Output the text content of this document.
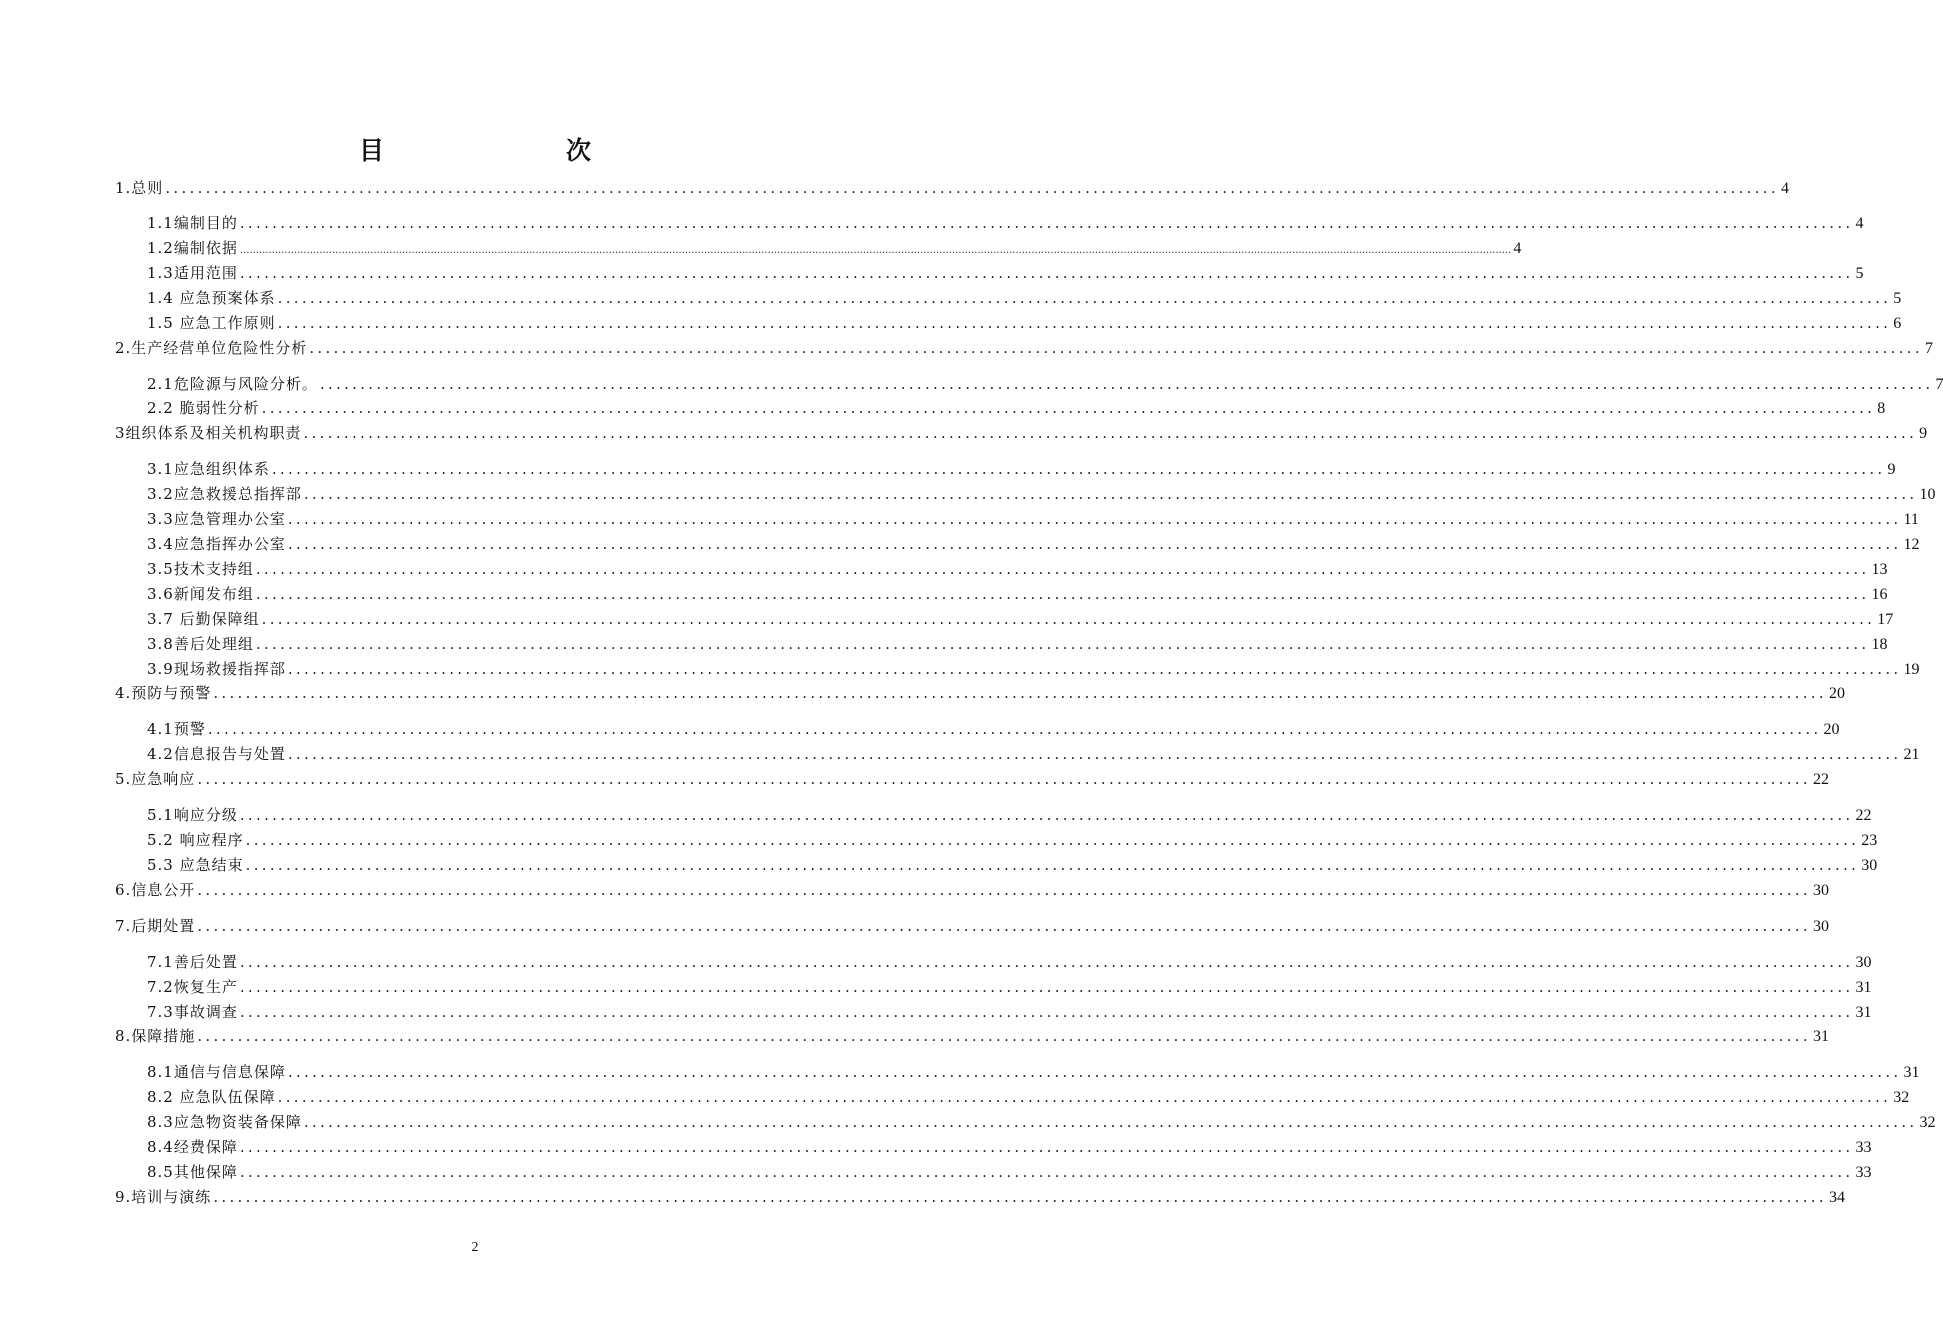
目　　次
1.总则 ........................................................................................................................................................................................................ 4
1.1编制目的 ........................................................................................................................................................................................................ 4
1.2编制依据 ................................................................................................................................................................................................................................................................................................................................................................................................................ 4
1.3适用范围 ........................................................................................................................................................................................................ 5
1.4 应急预案体系 ........................................................................................................................................................................................................ 5
1.5 应急工作原则 ........................................................................................................................................................................................................ 6
2.生产经营单位危险性分析 ........................................................................................................................................................................................................ 7
2.1危险源与风险分析。 ........................................................................................................................................................................................................ 7
2.2 脆弱性分析 ........................................................................................................................................................................................................ 8
3组织体系及相关机构职责 ........................................................................................................................................................................................................ 9
3.1应急组织体系 ........................................................................................................................................................................................................ 9
3.2应急救援总指挥部 ........................................................................................................................................................................................................ 10
3.3应急管理办公室 ........................................................................................................................................................................................................ 11
3.4应急指挥办公室 ........................................................................................................................................................................................................ 12
3.5技术支持组 ........................................................................................................................................................................................................ 13
3.6新闻发布组 ........................................................................................................................................................................................................ 16
3.7 后勤保障组 ........................................................................................................................................................................................................ 17
3.8善后处理组 ........................................................................................................................................................................................................ 18
3.9现场救援指挥部 ........................................................................................................................................................................................................ 19
4.预防与预警 ........................................................................................................................................................................................................ 20
4.1预警 ........................................................................................................................................................................................................ 20
4.2信息报告与处置 ........................................................................................................................................................................................................ 21
5.应急响应 ........................................................................................................................................................................................................ 22
5.1响应分级 ........................................................................................................................................................................................................ 22
5.2 响应程序 ........................................................................................................................................................................................................ 23
5.3 应急结束 ........................................................................................................................................................................................................ 30
6.信息公开 ........................................................................................................................................................................................................ 30
7.后期处置 ........................................................................................................................................................................................................ 30
7.1善后处置 ........................................................................................................................................................................................................ 30
7.2恢复生产 ........................................................................................................................................................................................................ 31
7.3事故调查 ........................................................................................................................................................................................................ 31
8.保障措施 ........................................................................................................................................................................................................ 31
8.1通信与信息保障 ........................................................................................................................................................................................................ 31
8.2 应急队伍保障 ........................................................................................................................................................................................................ 32
8.3应急物资装备保障 ........................................................................................................................................................................................................ 32
8.4经费保障 ........................................................................................................................................................................................................ 33
8.5其他保障 ........................................................................................................................................................................................................ 33
9.培训与演练 ........................................................................................................................................................................................................ 34
2
